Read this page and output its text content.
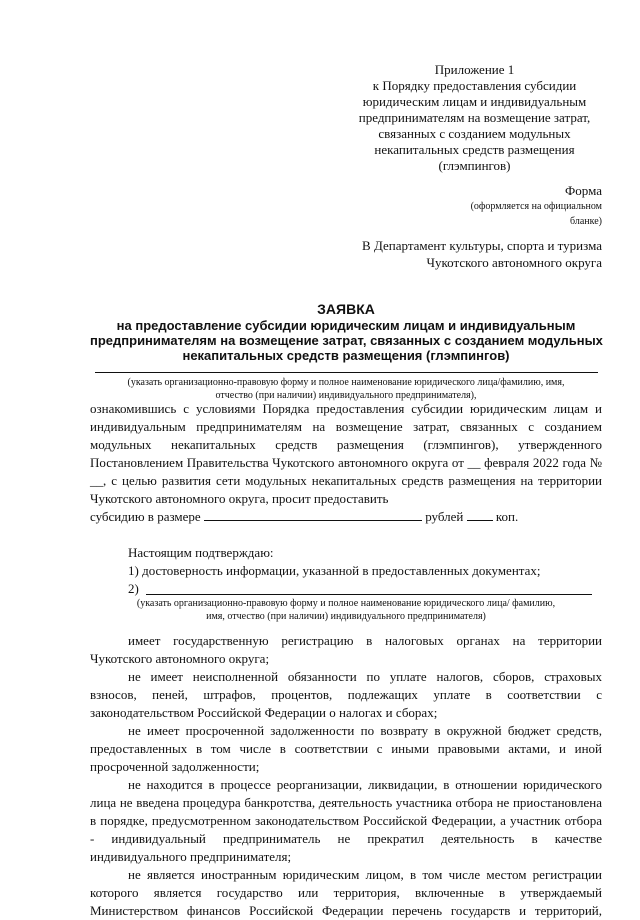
Приложение 1
к Порядку предоставления субсидии
юридическим лицам и индивидуальным
предпринимателям на возмещение затрат,
связанных с созданием модульных
некапитальных средств размещения
(глэмпингов)
Форма
(оформляется на официальном
бланке)
В Департамент культуры, спорта и туризма
Чукотского автономного округа
ЗАЯВКА
на предоставление субсидии юридическим лицам и индивидуальным
предпринимателям на возмещение затрат, связанных с созданием модульных
некапитальных средств размещения (глэмпингов)
(указать организационно-правовую форму и полное наименование юридического лица/фамилию, имя,
отчество (при наличии) индивидуального предпринимателя),
ознакомившись с условиями Порядка предоставления субсидии юридическим лицам и
индивидуальным предпринимателям на возмещение затрат, связанных с созданием
модульных некапитальных средств размещения (глэмпингов), утвержденного
Постановлением Правительства Чукотского автономного округа от __ февраля 2022 года №
__, с целью развития сети модульных некапитальных средств размещения на территории
Чукотского автономного округа, просит предоставить
субсидию в размере	рублей	коп.
Настоящим подтверждаю:
1) достоверность информации, указанной в предоставленных документах;
2)
(указать организационно-правовую форму и полное наименование юридического лица/ фамилию,
имя, отчество (при наличии) индивидуального предпринимателя)
имеет государственную регистрацию в налоговых органах на территории
Чукотского автономного округа;
не имеет неисполненной обязанности по уплате налогов, сборов, страховых
взносов, пеней, штрафов, процентов, подлежащих уплате в соответствии с
законодательством Российской Федерации о налогах и сборах;
не имеет просроченной задолженности по возврату в окружной бюджет средств,
предоставленных в том числе в соответствии с иными правовыми актами, и иной
просроченной задолженности;
не находится в процессе реорганизации, ликвидации, в отношении юридического
лица не введена процедура банкротства, деятельность участника отбора не приостановлена
в порядке, предусмотренном законодательством Российской Федерации, а участник отбора
- индивидуальный предприниматель не прекратил деятельность в качестве
индивидуального предпринимателя;
не является иностранным юридическим лицом, в том числе местом регистрации
которого является государство или территория, включенные в утверждаемый
Министерством финансов Российской Федерации перечень государств и территорий,
